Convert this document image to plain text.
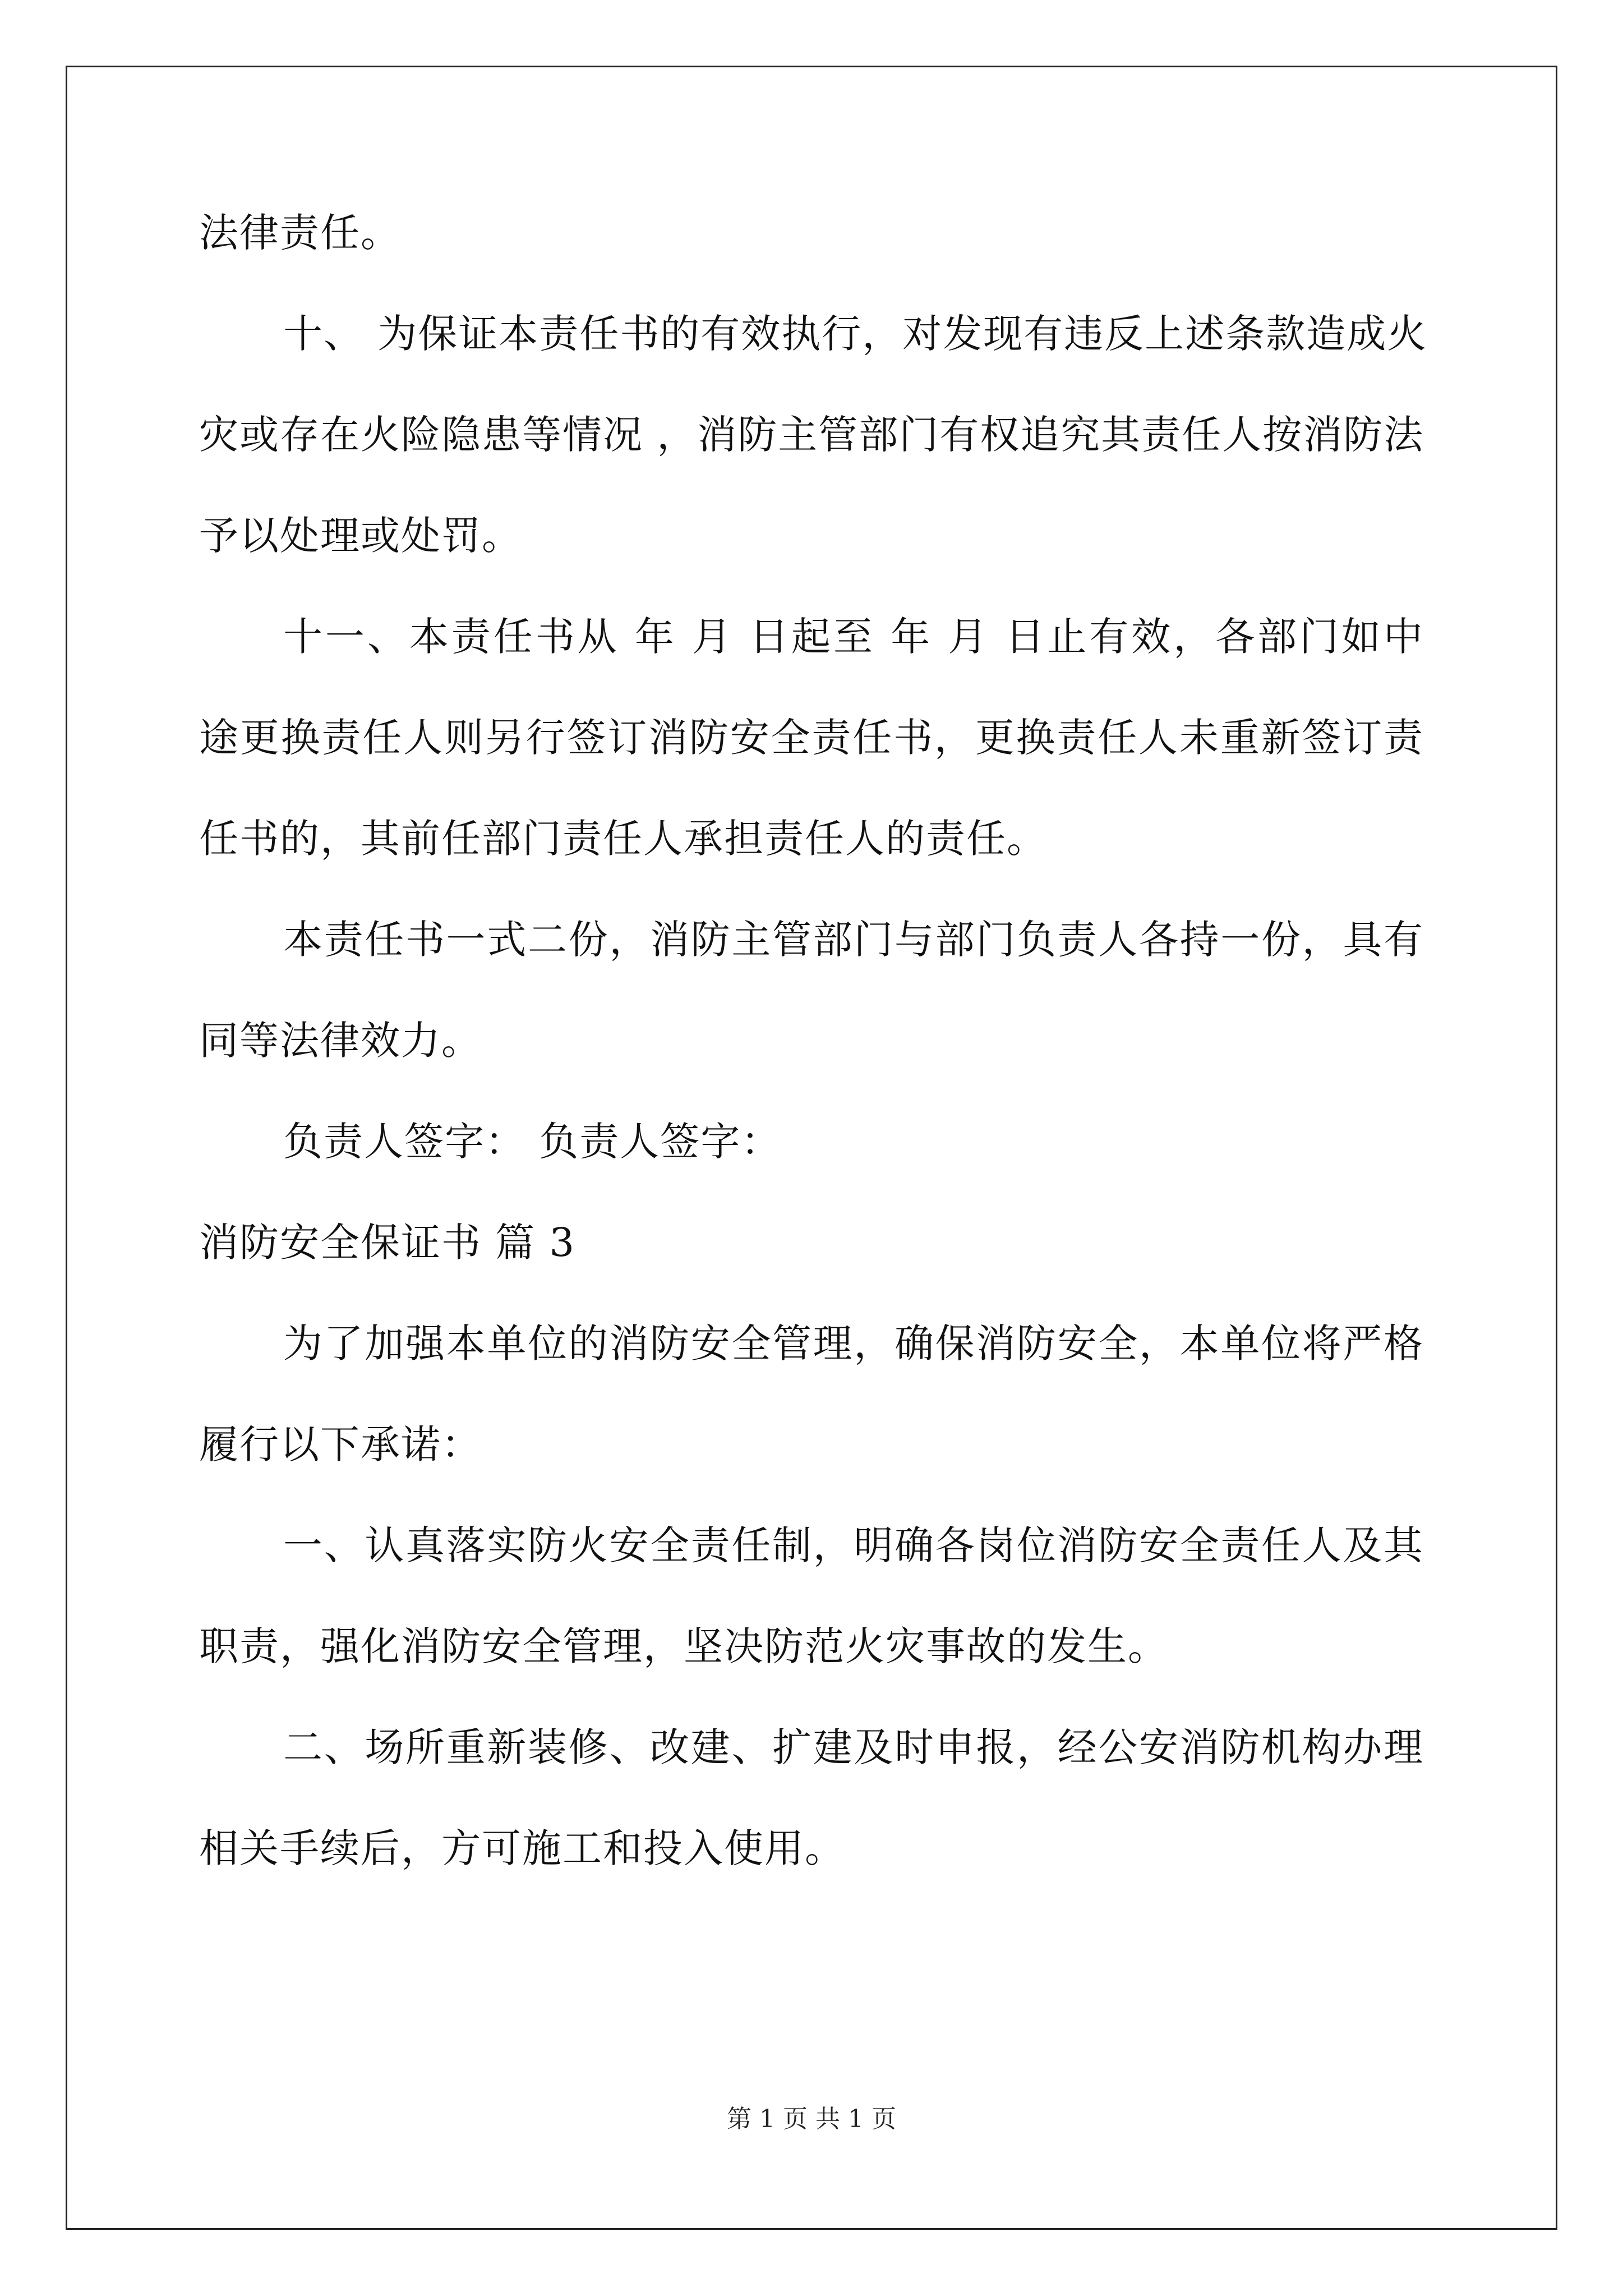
法律责任。
十、 为保证本责任书的有效执行，对发现有违反上述条款造成火
灾或存在火险隐患等情况 ，消防主管部门有权追究其责任人按消防法
予以处理或处罚。
十一、本责任书从 年 月 日起至 年 月 日止有效，各部门如中
途更换责任人则另行签订消防安全责任书，更换责任人未重新签订责
任书的，其前任部门责任人承担责任人的责任。
本责任书一式二份，消防主管部门与部门负责人各持一份，具有
同等法律效力。
负责人签字： 负责人签字：
消防安全保证书 篇 3
为了加强本单位的消防安全管理，确保消防安全，本单位将严格
履行以下承诺：
一、认真落实防火安全责任制，明确各岗位消防安全责任人及其
职责，强化消防安全管理，坚决防范火灾事故的发生。
二、场所重新装修、改建、扩建及时申报，经公安消防机构办理
相关手续后，方可施工和投入使用。
第 1 页 共 1 页
